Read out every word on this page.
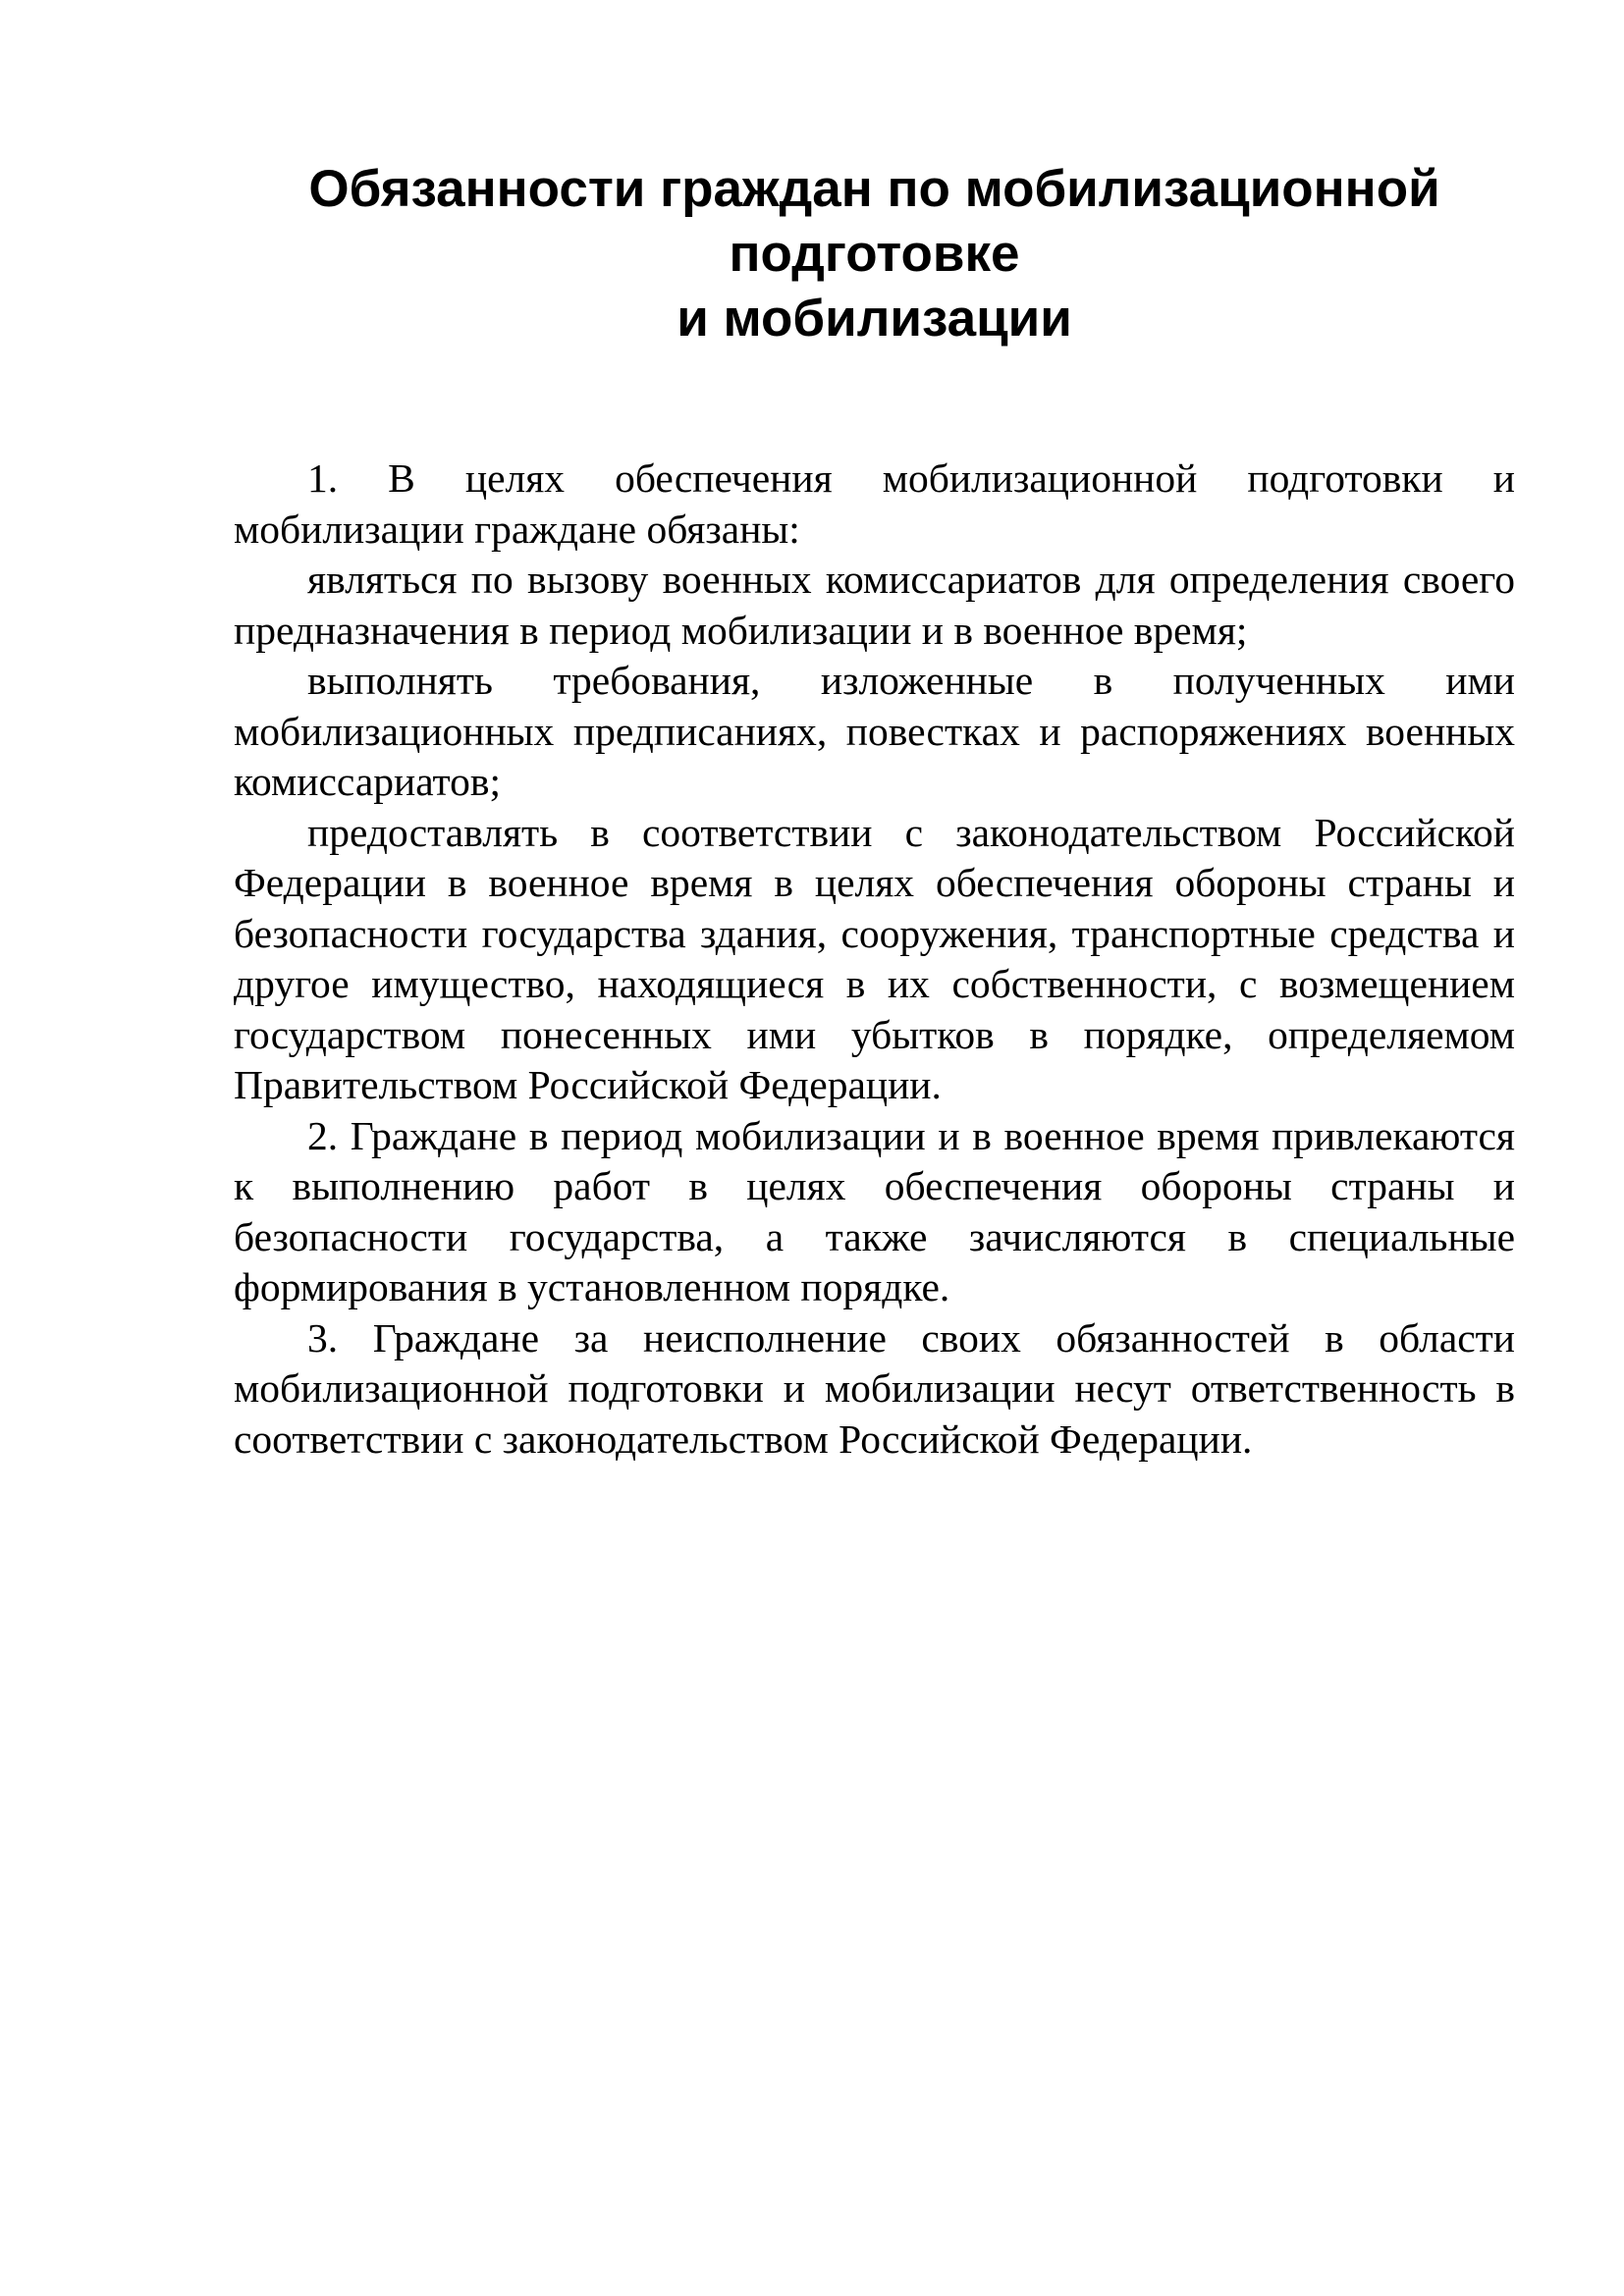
Обязанности граждан по мобилизационной
подготовке
и мобилизации

1. В целях обеспечения мобилизационной подготовки и мобилизации граждане обязаны:

являться по вызову военных комиссариатов для определения своего предназначения в период мобилизации и в военное время;

выполнять требования, изложенные в полученных ими мобилизационных предписаниях, повестках и распоряжениях военных комиссариатов;

предоставлять в соответствии с законодательством Российской Федерации в военное время в целях обеспечения обороны страны и безопасности государства здания, сооружения, транспортные средства и другое имущество, находящиеся в их собственности, с возмещением государством понесенных ими убытков в порядке, определяемом Правительством Российской Федерации.

2. Граждане в период мобилизации и в военное время привлекаются к выполнению работ в целях обеспечения обороны страны и безопасности государства, а также зачисляются в специальные формирования в установленном порядке.

3. Граждане за неисполнение своих обязанностей в области мобилизационной подготовки и мобилизации несут ответственность в соответствии с законодательством Российской Федерации.
